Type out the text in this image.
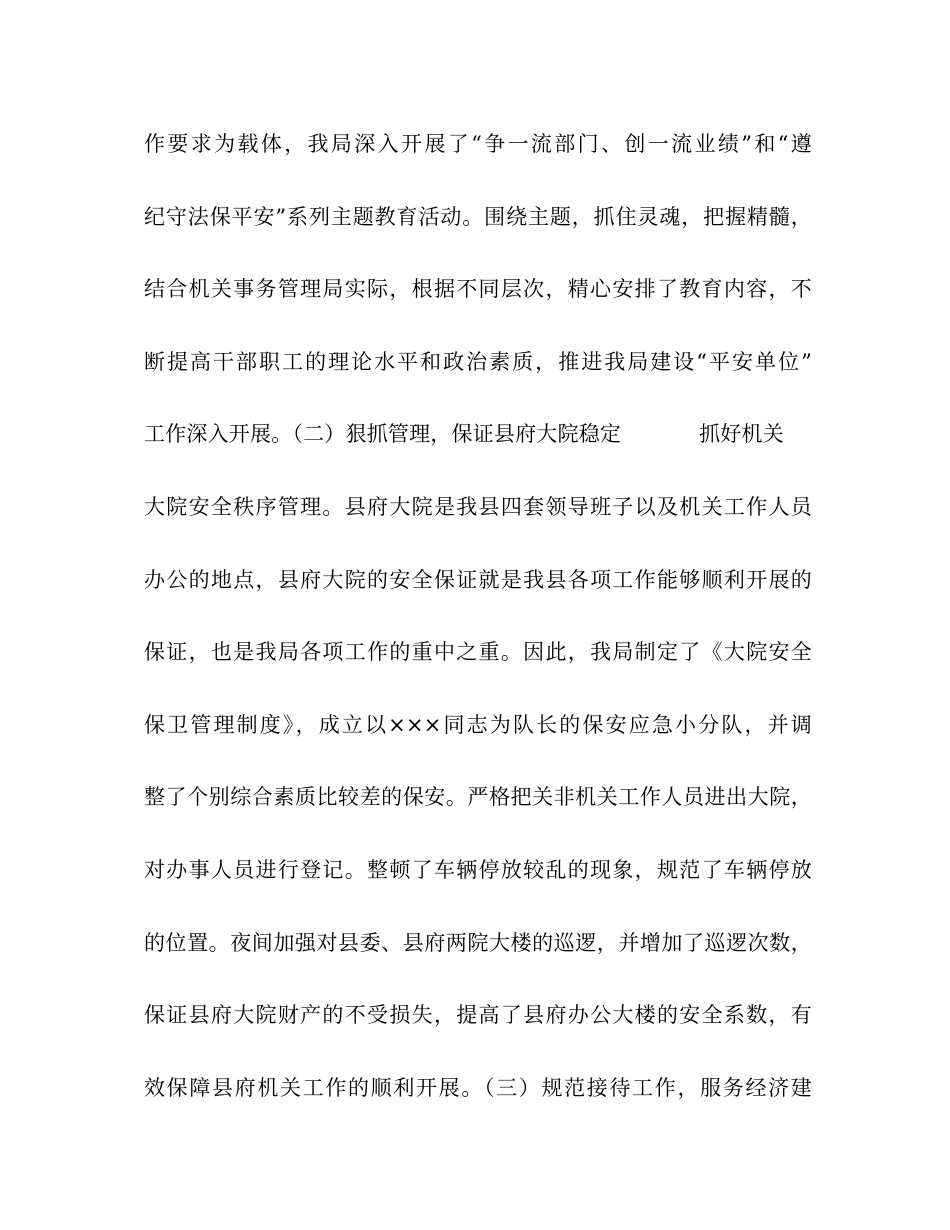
作要求为载体，我局深入开展了“争一流部门、创一流业绩”和“遵
纪守法保平安”系列主题教育活动。围绕主题，抓住灵魂，把握精髓，
结合机关事务管理局实际，根据不同层次，精心安排了教育内容，不
断提高干部职工的理论水平和政治素质，推进我局建设“平安单位”
工作深入开展。（二）狠抓管理，保证县府大院稳定	抓好机关
大院安全秩序管理。县府大院是我县四套领导班子以及机关工作人员
办公的地点，县府大院的安全保证就是我县各项工作能够顺利开展的
保证，也是我局各项工作的重中之重。因此，我局制定了《大院安全
保卫管理制度》，成立以×××同志为队长的保安应急小分队，并调
整了个别综合素质比较差的保安。严格把关非机关工作人员进出大院，
对办事人员进行登记。整顿了车辆停放较乱的现象，规范了车辆停放
的位置。夜间加强对县委、县府两院大楼的巡逻，并增加了巡逻次数，
保证县府大院财产的不受损失，提高了县府办公大楼的安全系数，有
效保障县府机关工作的顺利开展。（三）规范接待工作，服务经济建
